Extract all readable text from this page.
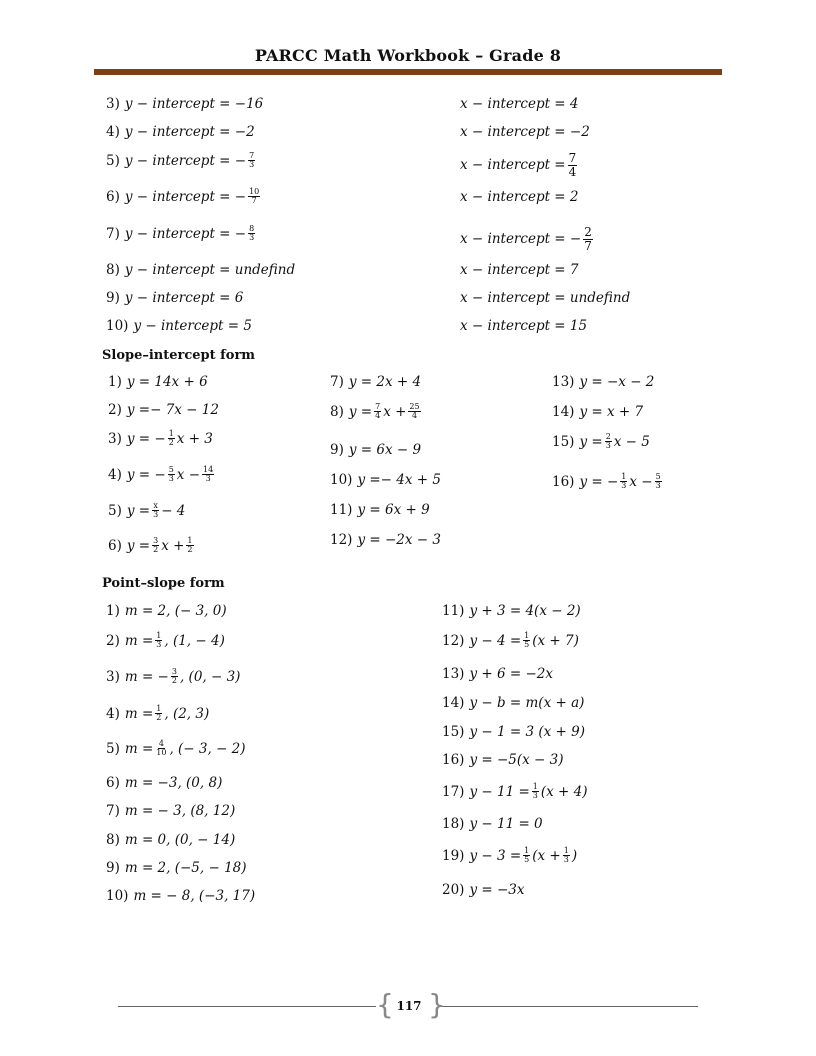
PARCC Math Workbook – Grade 8
3) y − intercept = −16
4) y − intercept = −2
5) y − intercept = − $\frac{7}{3}$
6) y − intercept = − $\frac{10}{7}$
7) y − intercept = − $\frac{8}{3}$
8) y − intercept = undefind
9) y − intercept = 6
10) y − intercept = 5
x − intercept = 4
x − intercept = −2
x − intercept = $\frac{7}{4}$
x − intercept = 2
x − intercept = − $\frac{2}{7}$
x − intercept = 7
x − intercept = undefind
x − intercept = 15
Slope–intercept form
1) y = 14x + 6
2) y =− 7x − 12
3) y = − $\frac{1}{2}$ x + 3
4) y = − $\frac{5}{3}$ $x - \frac{14}{3}$
5) $y = \frac{x}{3} - 4$
6) $y = \frac{3}{2}$ $x + \frac{1}{2}$
7) y = 2x + 4
8) $y = \frac{7}{4}$ $x + \frac{25}{4}$
9) y = 6x − 9
10) y =− 4x + 5
11) y = 6x + 9
12) y = −2x − 3
13) y = −x − 2
14) y = x + 7
15) $y = \frac{2}{3}$ x − 5
16) y = − $\frac{1}{3}$ $x - \frac{5}{3}$
Point–slope form
1) m = 2, (− 3, 0)
2) $m = \frac{1}{3}$ , (1, − 4)
3) m = − $\frac{3}{2}$ , (0, − 3)
4) $m = \frac{1}{2}$ , (2, 3)
5) $m = \frac{4}{10}$ , (− 3, − 2)
6) m = −3, (0, 8)
7) m = − 3, (8, 12)
8) m = 0, (0, − 14)
9) m = 2, (−5, − 18)
10) m = − 8, (−3, 17)
11) y + 3 = 4(x − 2)
12) $y - 4 = \frac{1}{5} (x + 7)$
13) y + 6 = −2x
14) y − b = m(x + a)
15) y − 1 = 3 (x + 9)
16) y = −5(x − 3)
17) $y - 11 = \frac{1}{3} (x + 4)$
18) y − 11 = 0
19) $y - 3 = \frac{1}{5} (x + \frac{1}{3}$ )
20) y = −3x
{ }
117
